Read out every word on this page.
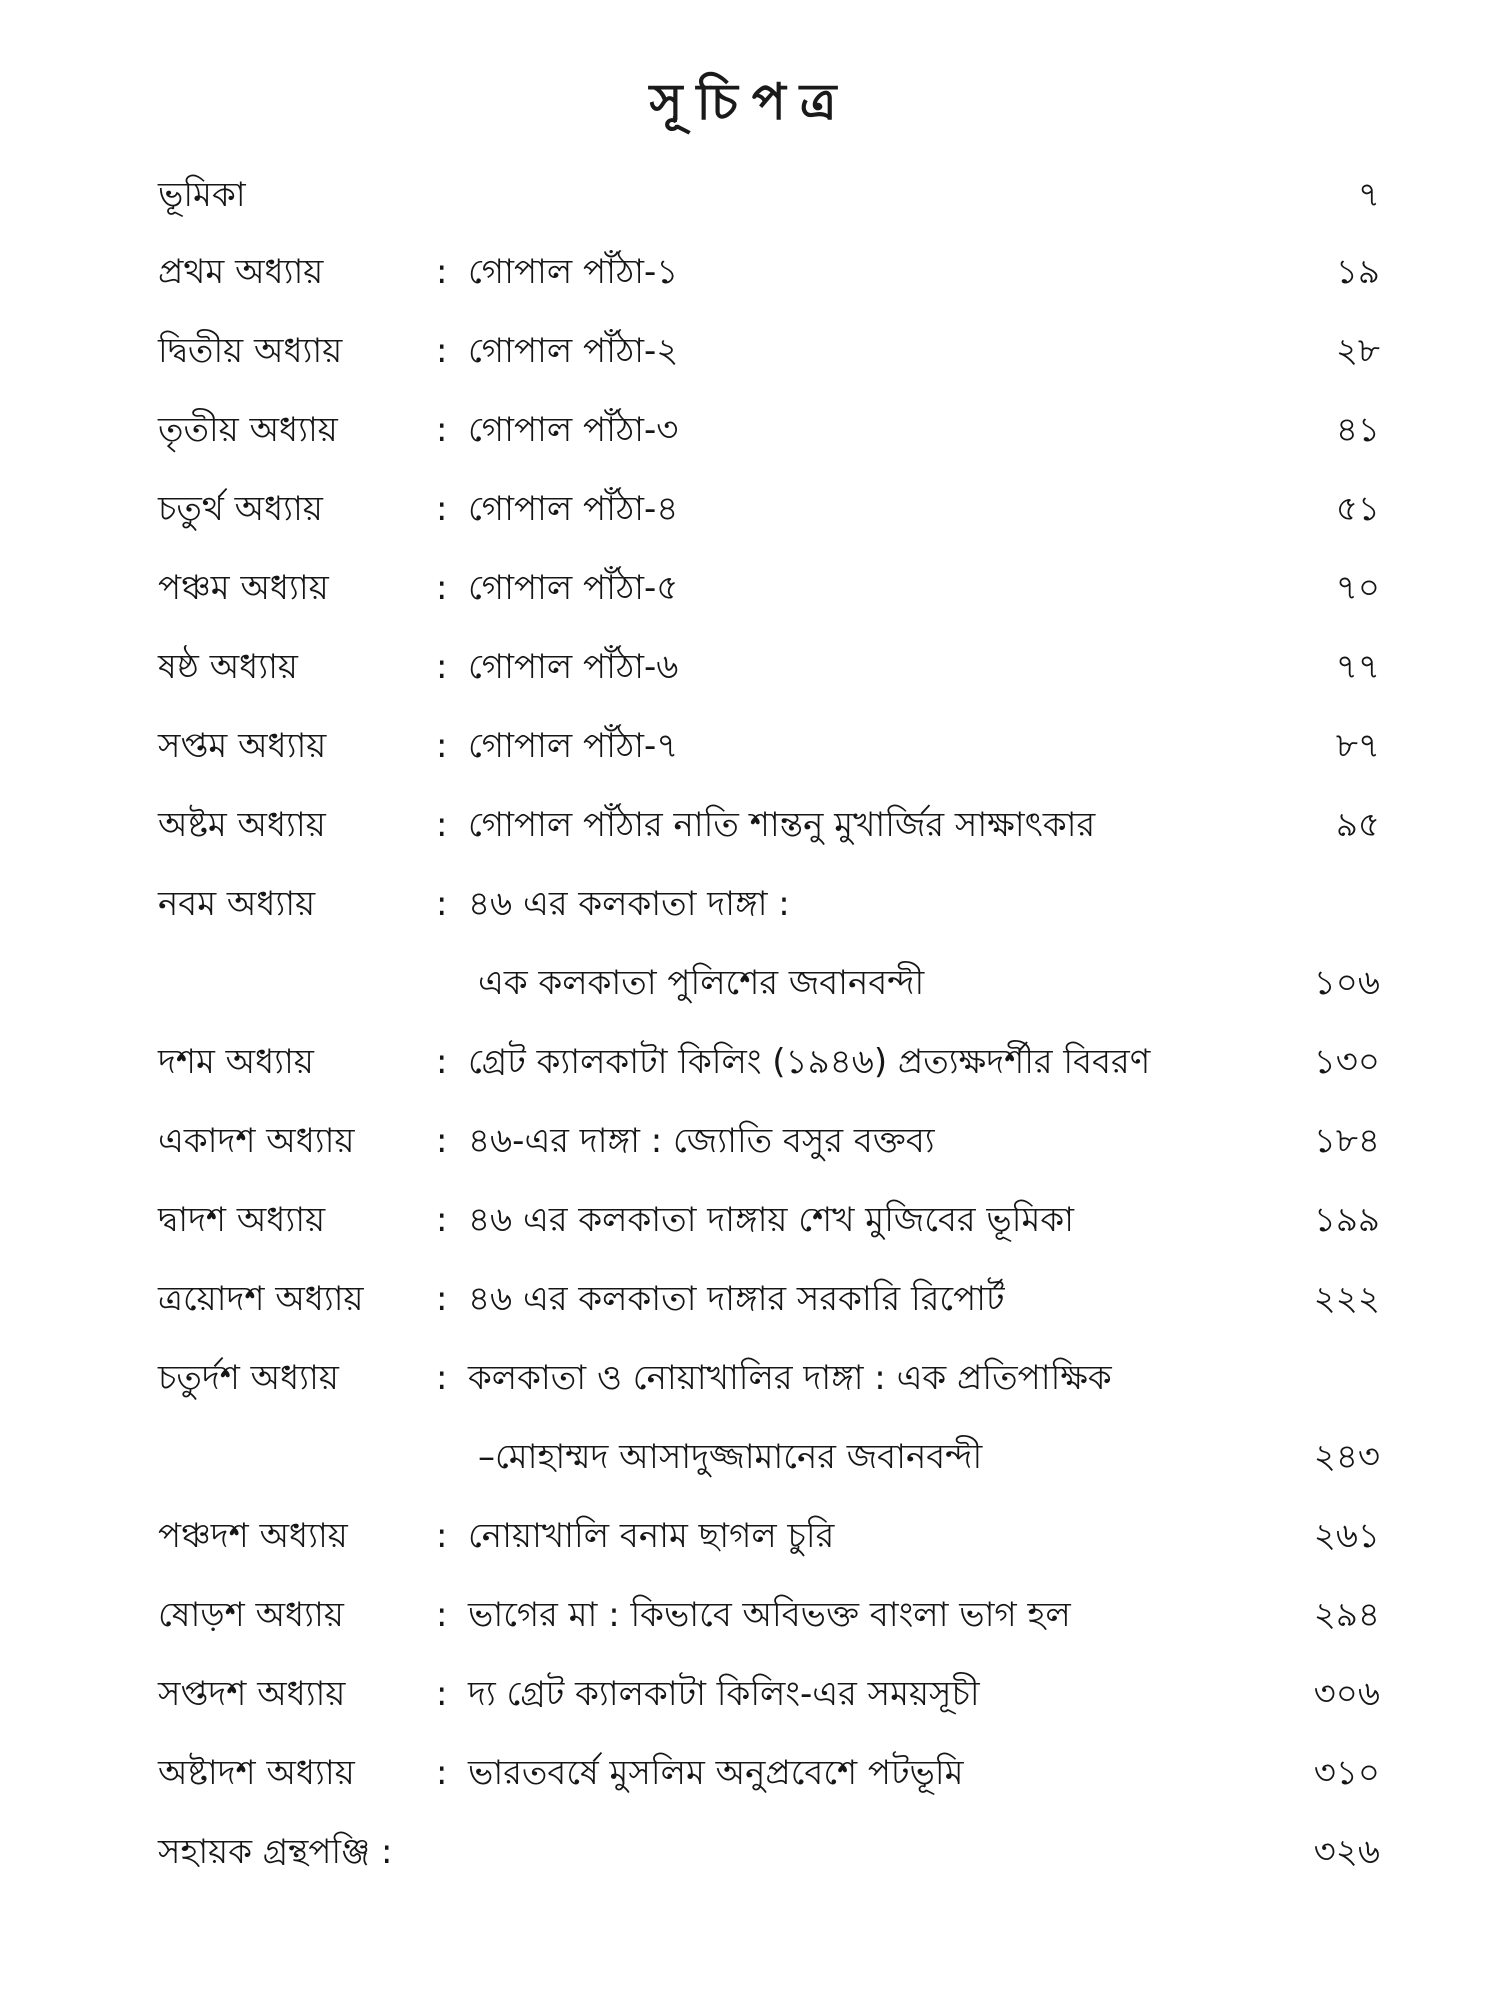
সূচিপত্র
ভূমিকা	৭
প্রথম অধ্যায়	: গোপাল পাঁঠা-১	১৯
দ্বিতীয় অধ্যায়	: গোপাল পাঁঠা-২	২৮
তৃতীয় অধ্যায়	: গোপাল পাঁঠা-৩	৪১
চতুর্থ অধ্যায়	: গোপাল পাঁঠা-৪	৫১
পঞ্চম অধ্যায়	: গোপাল পাঁঠা-৫	৭০
ষষ্ঠ অধ্যায়	: গোপাল পাঁঠা-৬	৭৭
সপ্তম অধ্যায়	: গোপাল পাঁঠা-৭	৮৭
অষ্টম অধ্যায়	: গোপাল পাঁঠার নাতি শান্তনু মুখার্জির সাক্ষাৎকার	৯৫
নবম অধ্যায়	: ৪৬ এর কলকাতা দাঙ্গা :
এক কলকাতা পুলিশের জবানবন্দী	১০৬
দশম অধ্যায়	: গ্রেট ক্যালকাটা কিলিং (১৯৪৬) প্রত্যক্ষদর্শীর বিবরণ	১৩০
একাদশ অধ্যায় : ৪৬-এর দাঙ্গা : জ্যোতি বসুর বক্তব্য	১৮৪
দ্বাদশ অধ্যায়	: ৪৬ এর কলকাতা দাঙ্গায় শেখ মুজিবের ভূমিকা	১৯৯
ত্রয়োদশ অধ্যায় : ৪৬ এর কলকাতা দাঙ্গার সরকারি রিপোর্ট	২২২
চতুর্দশ অধ্যায়	: কলকাতা ও নোয়াখালির দাঙ্গা : এক প্রতিপাক্ষিক
–মোহাম্মদ আসাদুজ্জামানের জবানবন্দী	২৪৩
পঞ্চদশ অধ্যায়	: নোয়াখালি বনাম ছাগল চুরি	২৬১
ষোড়শ অধ্যায়	: ভাগের মা : কিভাবে অবিভক্ত বাংলা ভাগ হল	২৯৪
সপ্তদশ অধ্যায়	: দ্য গ্রেট ক্যালকাটা কিলিং-এর সময়সূচী	৩০৬
অষ্টাদশ অধ্যায় : ভারতবর্ষে মুসলিম অনুপ্রবেশে পটভূমি	৩১০
সহায়ক গ্রন্থপঞ্জি :	৩২৬
